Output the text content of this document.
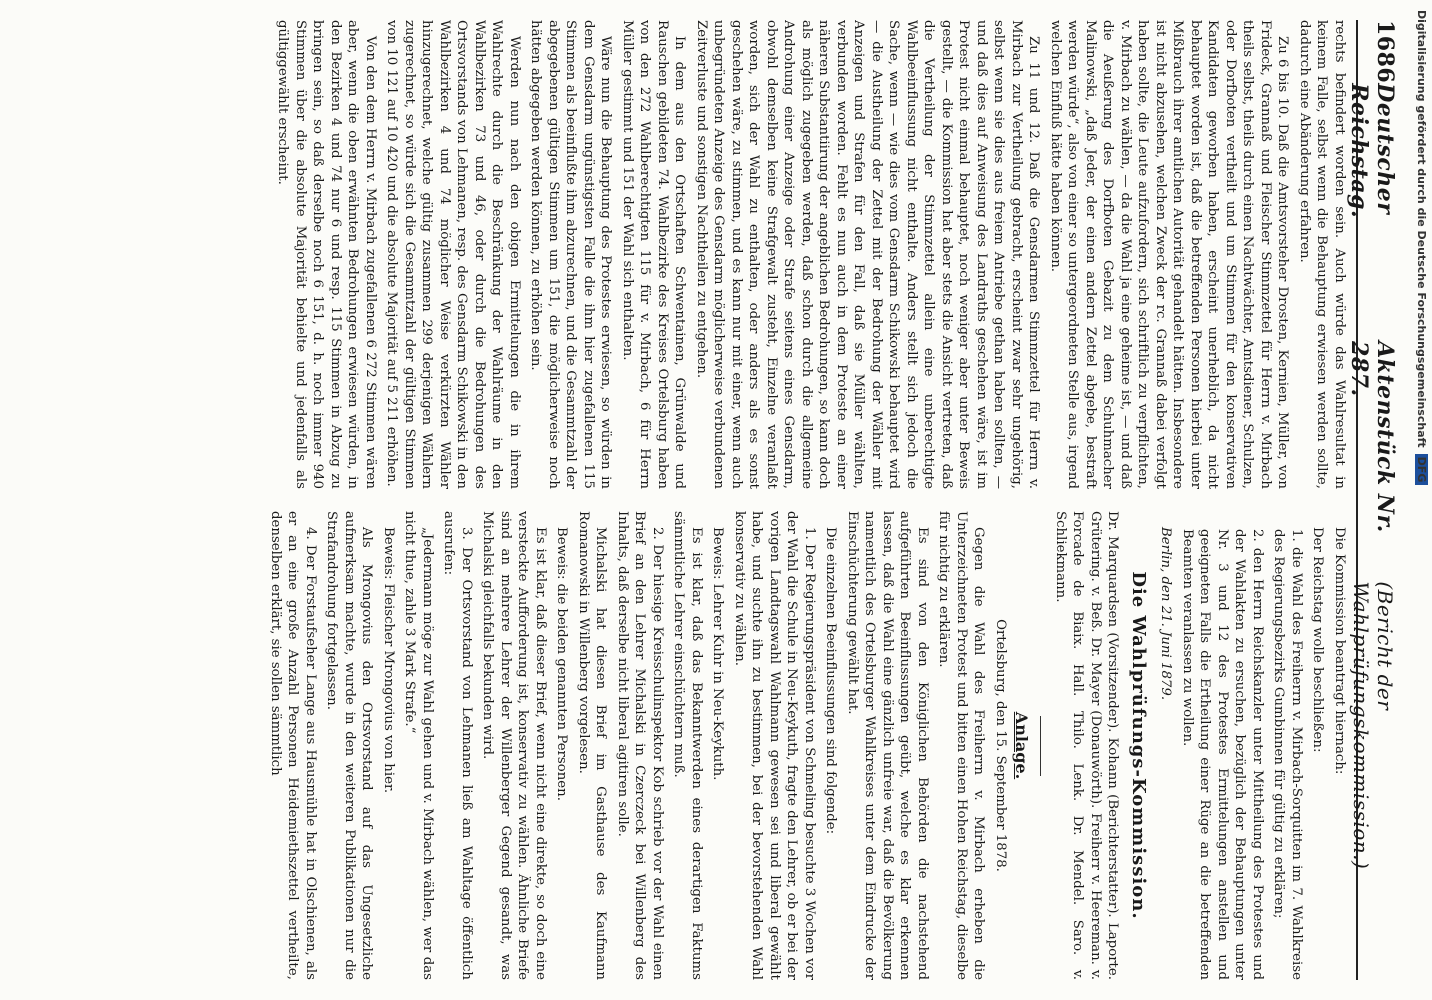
1686
Deutscher Reichstag.
Aktenstück Nr. 287.
(Bericht der Wahlprüfungskommission.)

rechts befindert worden sein. Auch würde das Wahlresultat in keinem Falle, selbst wenn die Behauptung erwiesen werden sollte, dadurch eine Abänderung erfahren.

Zu 6 bis 10. Daß die Amtsvorsteher Drosten, Kernien, Müller, von Frideck, Grannaß und Fleischer Stimmzettel für Herrn v. Mirbach theils selbst, theils durch einen Nachtwächter, Amtsdiener, Schulzen, oder Dorfboten vertheilt und um Stimmen für den konservativen Kandidaten geworben haben, erscheint unerheblich, da nicht behauptet worden ist, daß die betreffenden Personen hierbei unter Mißbrauch ihrer amtlichen Autorität gehandelt hätten. Insbesondere ist nicht abzusehen, welchen Zweck der rc. Grannaß dabei verfolgt haben sollte, die Leute aufzufordern, sich schriftlich zu verpflichten, v. Mirbach zu wählen, — da die Wahl ja eine geheime ist, — und daß die Aeußerung des Dorfboten Gebazit zu dem Schuhmacher Malinowski, „daß Jeder, der einen andern Zettel abgebe, bestraft werden würde“, also von einer so untergeordneten Stelle aus, irgend welchen Einfluß hätte haben können.

Zu 11 und 12. Daß die Gensdarmen Stimmzettel für Herrn v. Mirbach zur Vertheilung gebracht, erscheint zwar sehr ungehörig, selbst wenn sie dies aus freiem Antriebe gethan haben sollten, — und daß dies auf Anweisung des Landraths geschehen wäre, ist im Protest nicht einmal behauptet, noch weniger aber unter Beweis gestellt, — die Kommission hat aber stets die Ansicht vertreten, daß die Vertheilung der Stimmzettel allein eine unberechtigte Wahlbeeinflussung nicht enthalte. Anders stellt sich jedoch die Sache, wenn — wie dies vom Gensdarm Schikowski behauptet wird — die Austheilung der Zettel mit der Bedrohung der Wähler mit Anzeigen und Strafen für den Fall, daß sie Müller wählten, verbunden worden. Fehlt es nun auch in dem Proteste an einer näheren Substantiirung der angeblichen Bedrohungen, so kann doch als möglich zugegeben werden, daß schon durch die allgemeine Androhung einer Anzeige oder Strafe seitens eines Gensdarm, obwohl demselben keine Strafgewalt zusteht, Einzelne veranlaßt worden, sich der Wahl zu enthalten, oder anders als es sonst geschehen wäre, zu stimmen, und es kann nur mit einer, wenn auch unbegründeten Anzeige des Gensdarm möglicherweise verbundenen Zeitverluste und sonstigen Nachtheilen zu entgehen.

In dem aus den Ortschaften Schwentainen, Grünwalde und Rauschen gebildeten 74. Wahlbezirke des Kreises Ortelsburg haben von den 272 Wahlberechtigten 115 für v. Mirbach, 6 für Herrn Müller gestimmt und 151 der Wahl sich enthalten.

Wäre nun die Behauptung des Protestes erwiesen, so würden in dem Gensdarm ungünstigsten Falle die ihm hier zugefallenen 115 Stimmen als beeinflußte ihm abzurechnen, und die Gesammtzahl der abgegebenen gültigen Stimmen um 151, die möglicherweise noch hätten abgegeben werden können, zu erhöhen sein.

Werden nun nach den obigen Ermittelungen die in ihrem Wahlrechte durch die Beschränkung der Wahlräume in den Wahlbezirken 73 und 46, oder durch die Bedrohungen des Ortsvorstands von Lehmanen, resp. des Gensdarm Schikowski in den Wahlbezirken 4 und 74 möglicher Weise verkürzten Wähler hinzugerechnet, welche gültig zusammen 299 derjenigen Wählern zugerechnet, so würde sich die Gesammtzahl der gültigen Stimmen von 10 121 auf 10 420 und die absolute Majorität auf 5 211 erhöhen.

Von den dem Herrn v. Mirbach zugefallenen 6 272 Stimmen wären aber, wenn die oben erwähnten Bedrohungen erwiesen würden, in den Bezirken 4 und 74 nur 6 und resp. 115 Stimmen in Abzug zu bringen sein, so daß derselbe noch 6 151, d. h. noch immer 940 Stimmen über die absolute Majorität behielte und jedenfalls als gültiggewählt erscheint.

Die Kommission beantragt hiernach:

Der Reichstag wolle beschließen:

1. die Wahl des Freiherrn v. Mirbach-Sorquitten im 7. Wahlkreise des Regierungsbezirks Gumbinnen für gültig zu erklären;

2. den Herrn Reichskanzler unter Mittheilung des Protestes und der Wahlakten zu ersuchen, bezüglich der Behauptungen unter Nr. 3 und 12 des Protestes Ermittelungen anstellen und geeigneten Falls die Ertheilung einer Rüge an die betreffenden Beamten veranlassen zu wollen.

Berlin, den 21. Juni 1879.

Die Wahlprüfungs-Kommission.

Dr. Marquardsen (Vorsitzender). Kohann (Berichterstatter). Laporte. Grütering. v. Beß. Dr. Mayer (Donauwörth). Freiherr v. Heereman. v. Forcade de Biaix. Hall. Thilo. Lenk. Dr. Mendel. Saro. v. Schliekmann.

Anlage.

Ortelsburg, den 15. September 1878.

Gegen die Wahl des Freiherrn v. Mirbach erheben die Unterzeichneten Protest und bitten einen Hohen Reichstag, dieselbe für nichtig zu erklären.

Es sind von den Königlichen Behörden die nachstehend aufgeführten Beeinflussungen geübt, welche es klar erkennen lassen, daß die Wahl eine gänzlich unfreie war, daß die Bevölkerung namentlich des Ortelsburger Wahlkreises unter dem Eindrucke der Einschüchterung gewählt hat.

Die einzelnen Beeinflussungen sind folgende:

1. Der Regierungspräsident von Schmeling besuchte 3 Wochen vor der Wahl die Schule in Neu-Keykuth, fragte den Lehrer, ob er bei der vorigen Landtagswahl Wahlmann gewesen sei und liberal gewählt habe, und suchte ihn zu bestimmen, bei der bevorstehenden Wahl konservativ zu wählen.

Beweis: Lehrer Kuhr in Neu-Keykuth.

Es ist klar, daß das Bekanntwerden eines derartigen Faktums sämmtliche Lehrer einschüchtern muß.

2. Der hiesige Kreisschulinspektor Kob schrieb vor der Wahl einen Brief an den Lehrer Michalski in Czerczeck bei Willenberg des Inhalts, daß derselbe nicht liberal agitiren solle.

Michalski hat diesen Brief im Gasthause des Kaufmann Romanowski in Willenberg vorgelesen.

Beweis: die beiden genannten Personen.

Es ist klar, daß dieser Brief, wenn nicht eine direkte, so doch eine versteckte Aufforderung ist, konservativ zu wählen. Ähnliche Briefe sind an mehrere Lehrer der Willenberger Gegend gesandt, was Michalski gleichfalls bekunden wird.

3. Der Ortsvorstand von Lehmanen ließ am Wahltage öffentlich ausrufen:

„Jedermann möge zur Wahl gehen und v. Mirbach wählen, wer das nicht thue, zahle 3 Mark Strafe.“

Beweis: Fleischer Mrongovius von hier.

Als Mrongovius den Ortsvorstand auf das Ungesetzliche aufmerksam machte, wurde in den weiteren Publikationen nur die Strafandrohung fortgelassen.

4. Der Forstaufseher Lange aus Hausmühle hat in Olschienen, als er an eine große Anzahl Personen Heidemiethszettel vertheilte, denselben erklärt, sie sollen sämmtlich

Digitalisierung gefördert durch die Deutsche ForschungsgemeinschaftDFG
